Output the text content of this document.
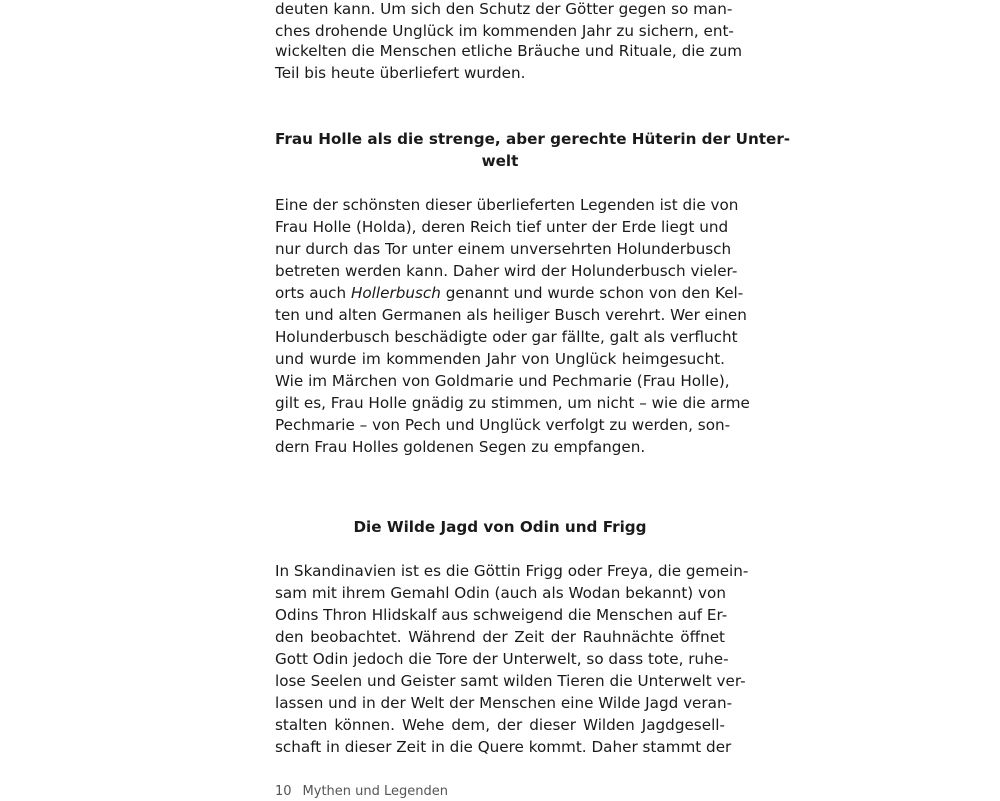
deuten kann. Um sich den Schutz der Götter gegen so man-
ches drohende Unglück im kommenden Jahr zu sichern, ent-
wickelten die Menschen etliche Bräuche und Rituale, die zum
Teil bis heute überliefert wurden.
Frau Holle als die strenge, aber gerechte Hüterin der Unter-
welt
Eine der schönsten dieser überlieferten Legenden ist die von
Frau Holle (Holda), deren Reich tief unter der Erde liegt und
nur durch das Tor unter einem unversehrten Holunderbusch
betreten werden kann. Daher wird der Holunderbusch vieler-
orts auch Hollerbusch genannt und wurde schon von den Kel-
ten und alten Germanen als heiliger Busch verehrt. Wer einen
Holunderbusch beschädigte oder gar fällte, galt als verflucht
und wurde im kommenden Jahr von Unglück heimgesucht.
Wie im Märchen von Goldmarie und Pechmarie (Frau Holle),
gilt es, Frau Holle gnädig zu stimmen, um nicht – wie die arme
Pechmarie – von Pech und Unglück verfolgt zu werden, son-
dern Frau Holles goldenen Segen zu empfangen.
Die Wilde Jagd von Odin und Frigg
In Skandinavien ist es die Göttin Frigg oder Freya, die gemein-
sam mit ihrem Gemahl Odin (auch als Wodan bekannt) von
Odins Thron Hlidskalf aus schweigend die Menschen auf Er-
den beobachtet. Während der Zeit der Rauhnächte öffnet
Gott Odin jedoch die Tore der Unterwelt, so dass tote, ruhe-
lose Seelen und Geister samt wilden Tieren die Unterwelt ver-
lassen und in der Welt der Menschen eine Wilde Jagd veran-
stalten können. Wehe dem, der dieser Wilden Jagdgesell-
schaft in dieser Zeit in die Quere kommt. Daher stammt der
10 Mythen und Legenden
